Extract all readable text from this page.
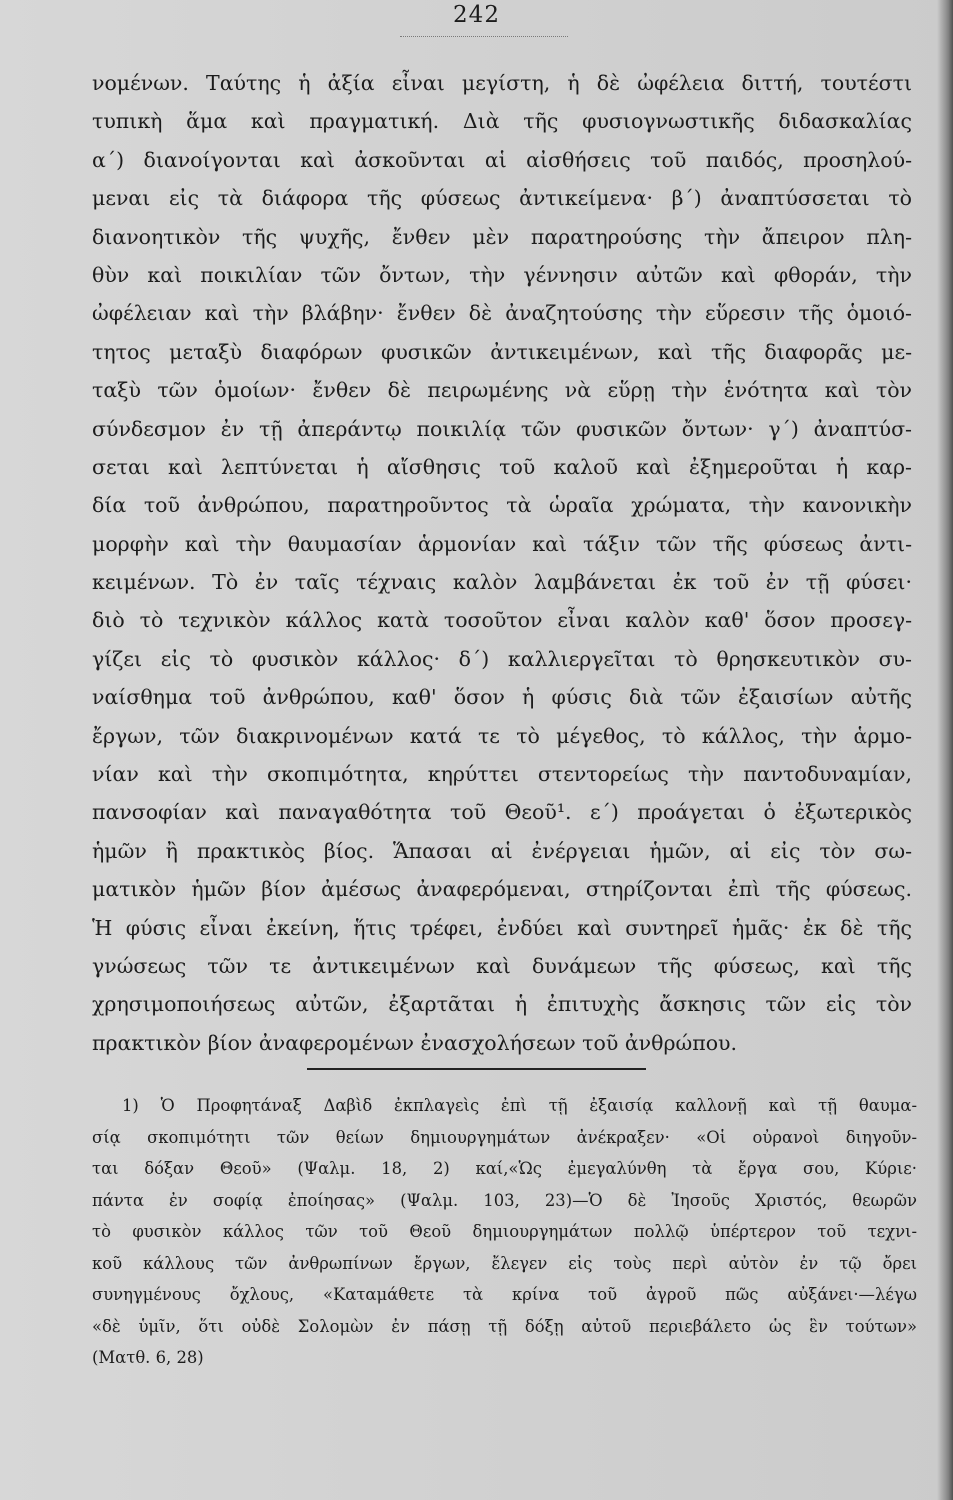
242
νομένων. Ταύτης ἡ ἀξία εἶναι μεγίστη, ἡ δὲ ὠφέλεια διττή, τουτέστι
τυπικὴ ἅμα καὶ πραγματική. Διὰ τῆς φυσιογνωστικῆς διδασκαλίας
α΄) διανοίγονται καὶ ἀσκοῦνται αἱ αἰσθήσεις τοῦ παιδός, προσηλού-
μεναι εἰς τὰ διάφορα τῆς φύσεως ἀντικείμενα· β΄) ἀναπτύσσεται τὸ
διανοητικὸν τῆς ψυχῆς, ἔνθεν μὲν παρατηρούσης τὴν ἄπειρον πλη-
θὺν καὶ ποικιλίαν τῶν ὄντων, τὴν γέννησιν αὐτῶν καὶ φθοράν, τὴν
ὠφέλειαν καὶ τὴν βλάβην· ἔνθεν δὲ ἀναζητούσης τὴν εὕρεσιν τῆς ὁμοιό-
τητος μεταξὺ διαφόρων φυσικῶν ἀντικειμένων, καὶ τῆς διαφορᾶς με-
ταξὺ τῶν ὁμοίων· ἔνθεν δὲ πειρωμένης νὰ εὕρῃ τὴν ἑνότητα καὶ τὸν
σύνδεσμον ἐν τῇ ἀπεράντῳ ποικιλίᾳ τῶν φυσικῶν ὄντων· γ΄) ἀναπτύσ-
σεται καὶ λεπτύνεται ἡ αἴσθησις τοῦ καλοῦ καὶ ἐξημεροῦται ἡ καρ-
δία τοῦ ἀνθρώπου, παρατηροῦντος τὰ ὡραῖα χρώματα, τὴν κανονικὴν
μορφὴν καὶ τὴν θαυμασίαν ἁρμονίαν καὶ τάξιν τῶν τῆς φύσεως ἀντι-
κειμένων. Τὸ ἐν ταῖς τέχναις καλὸν λαμβάνεται ἐκ τοῦ ἐν τῇ φύσει·
διὸ τὸ τεχνικὸν κάλλος κατὰ τοσοῦτον εἶναι καλὸν καθ' ὅσον προσεγ-
γίζει εἰς τὸ φυσικὸν κάλλος· δ΄) καλλιεργεῖται τὸ θρησκευτικὸν συ-
ναίσθημα τοῦ ἀνθρώπου, καθ' ὅσον ἡ φύσις διὰ τῶν ἐξαισίων αὐτῆς
ἔργων, τῶν διακρινομένων κατά τε τὸ μέγεθος, τὸ κάλλος, τὴν ἁρμο-
νίαν καὶ τὴν σκοπιμότητα, κηρύττει στεντορείως τὴν παντοδυναμίαν,
πανσοφίαν καὶ παναγαθότητα τοῦ Θεοῦ¹. ε΄) προάγεται ὁ ἐξωτερικὸς
ἡμῶν ἢ πρακτικὸς βίος. Ἅπασαι αἱ ἐνέργειαι ἡμῶν, αἱ εἰς τὸν σω-
ματικὸν ἡμῶν βίον ἀμέσως ἀναφερόμεναι, στηρίζονται ἐπὶ τῆς φύσεως.
Ἡ φύσις εἶναι ἐκείνη, ἥτις τρέφει, ἐνδύει καὶ συντηρεῖ ἡμᾶς· ἐκ δὲ τῆς
γνώσεως τῶν τε ἀντικειμένων καὶ δυνάμεων τῆς φύσεως, καὶ τῆς
χρησιμοποιήσεως αὐτῶν, ἐξαρτᾶται ἡ ἐπιτυχὴς ἄσκησις τῶν εἰς τὸν
πρακτικὸν βίον ἀναφερομένων ἐνασχολήσεων τοῦ ἀνθρώπου.
1) Ὁ Προφητάναξ Δαβὶδ ἐκπλαγεὶς ἐπὶ τῇ ἐξαισίᾳ καλλονῇ καὶ τῇ θαυμα-
σίᾳ σκοπιμότητι τῶν θείων δημιουργημάτων ἀνέκραξεν· «Οἱ οὐρανοὶ διηγοῦν-
ται δόξαν Θεοῦ» (Ψαλμ. 18, 2) καί,«Ὡς ἐμεγαλύνθη τὰ ἔργα σου, Κύριε·
πάντα ἐν σοφίᾳ ἐποίησας» (Ψαλμ. 103, 23)—Ὁ δὲ Ἰησοῦς Χριστός, θεωρῶν
τὸ φυσικὸν κάλλος τῶν τοῦ Θεοῦ δημιουργημάτων πολλῷ ὑπέρτερον τοῦ τεχνι-
κοῦ κάλλους τῶν ἀνθρωπίνων ἔργων, ἔλεγεν εἰς τοὺς περὶ αὐτὸν ἐν τῷ ὄρει
συνηγμένους ὄχλους, «Καταμάθετε τὰ κρίνα τοῦ ἀγροῦ πῶς αὐξάνει·—λέγω
«δὲ ὑμῖν, ὅτι οὐδὲ Σολομὼν ἐν πάσῃ τῇ δόξῃ αὐτοῦ περιεβάλετο ὡς ἓν τούτων»
(Ματθ. 6, 28)
